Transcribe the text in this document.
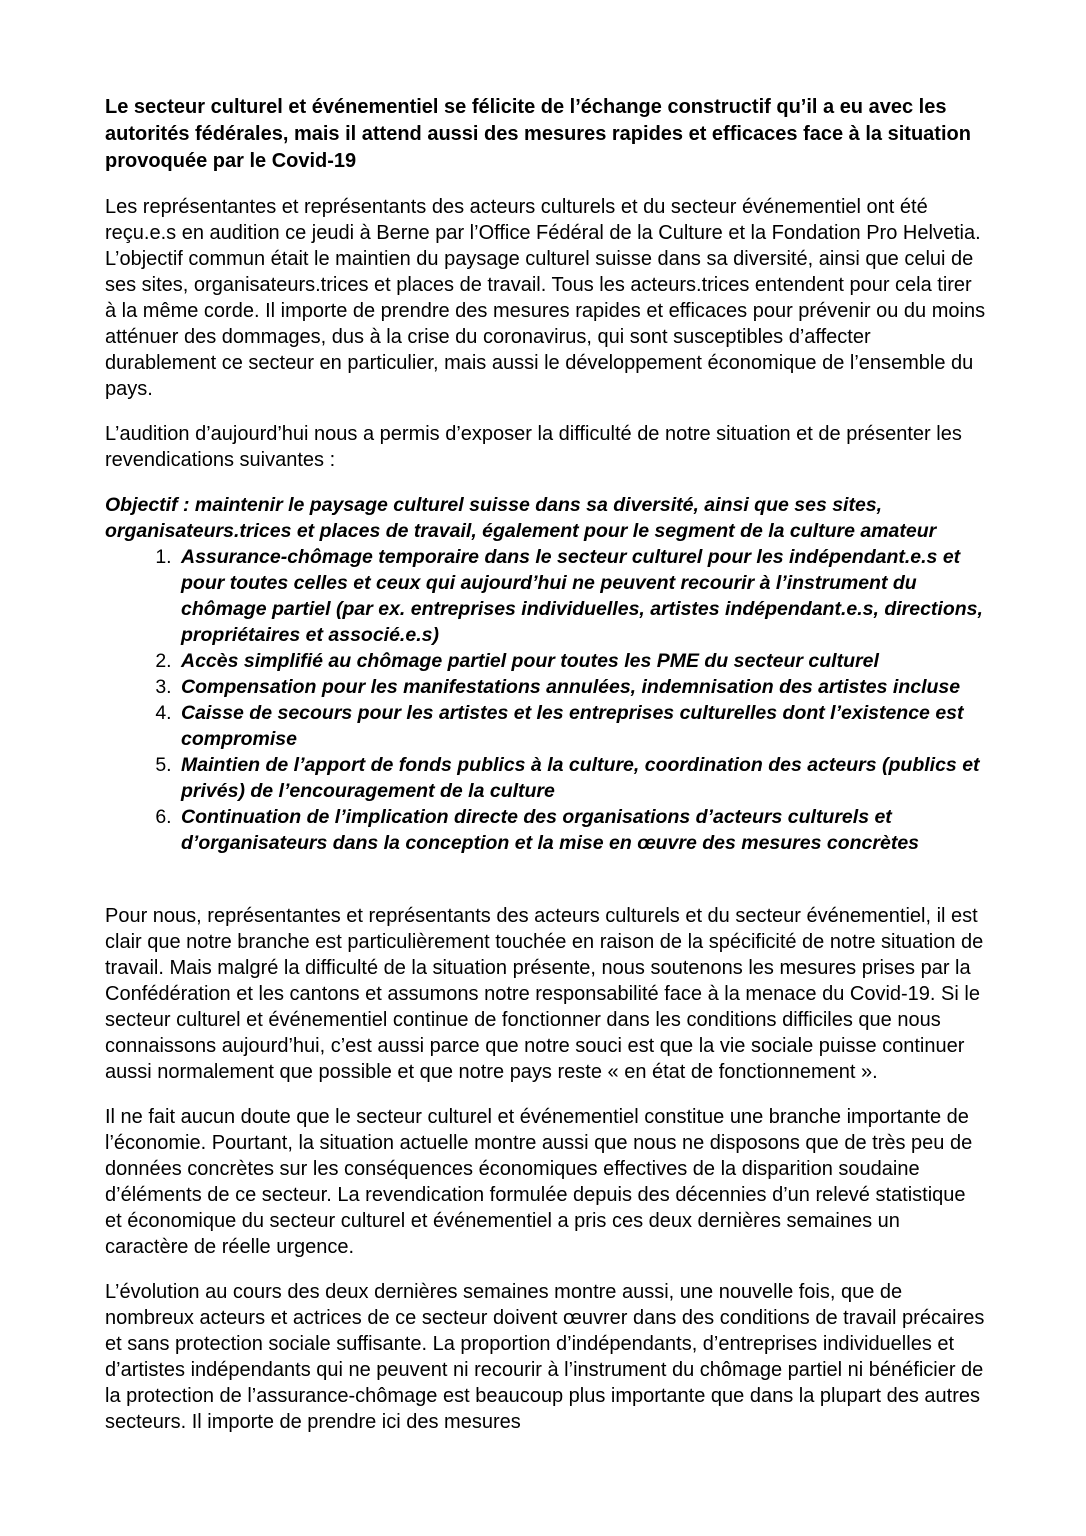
Le secteur culturel et événementiel se félicite de l’échange constructif qu’il a eu avec les autorités fédérales, mais il attend aussi des mesures rapides et efficaces face à la situation provoquée par le Covid-19

Les représentantes et représentants des acteurs culturels et du secteur événementiel ont été reçu.e.s en audition ce jeudi à Berne par l’Office Fédéral de la Culture et la Fondation Pro Helvetia. L’objectif commun était le maintien du paysage culturel suisse dans sa diversité, ainsi que celui de ses sites, organisateurs.trices et places de travail. Tous les acteurs.trices entendent pour cela tirer à la même corde. Il importe de prendre des mesures rapides et efficaces pour prévenir ou du moins atténuer des dommages, dus à la crise du coronavirus, qui sont susceptibles d’affecter durablement ce secteur en particulier, mais aussi le développement économique de l’ensemble du pays.

L’audition d’aujourd’hui nous a permis d’exposer la difficulté de notre situation et de présenter les revendications suivantes :

Objectif : maintenir le paysage culturel suisse dans sa diversité, ainsi que ses sites, organisateurs.trices et places de travail, également pour le segment de la culture amateur

1. Assurance-chômage temporaire dans le secteur culturel pour les indépendant.e.s et pour toutes celles et ceux qui aujourd’hui ne peuvent recourir à l’instrument du chômage partiel (par ex. entreprises individuelles, artistes indépendant.e.s, directions, propriétaires et associé.e.s)
2. Accès simplifié au chômage partiel pour toutes les PME du secteur culturel
3. Compensation pour les manifestations annulées, indemnisation des artistes incluse
4. Caisse de secours pour les artistes et les entreprises culturelles dont l’existence est compromise
5. Maintien de l’apport de fonds publics à la culture, coordination des acteurs (publics et privés) de l’encouragement de la culture
6. Continuation de l’implication directe des organisations d’acteurs culturels et d’organisateurs dans la conception et la mise en œuvre des mesures concrètes

Pour nous, représentantes et représentants des acteurs culturels et du secteur événementiel, il est clair que notre branche est particulièrement touchée en raison de la spécificité de notre situation de travail. Mais malgré la difficulté de la situation présente, nous soutenons les mesures prises par la Confédération et les cantons et assumons notre responsabilité face à la menace du Covid-19. Si le secteur culturel et événementiel continue de fonctionner dans les conditions difficiles que nous connaissons aujourd’hui, c’est aussi parce que notre souci est que la vie sociale puisse continuer aussi normalement que possible et que notre pays reste « en état de fonctionnement ».

Il ne fait aucun doute que le secteur culturel et événementiel constitue une branche importante de l’économie. Pourtant, la situation actuelle montre aussi que nous ne disposons que de très peu de données concrètes sur les conséquences économiques effectives de la disparition soudaine d’éléments de ce secteur. La revendication formulée depuis des décennies d’un relevé statistique et économique du secteur culturel et événementiel a pris ces deux dernières semaines un caractère de réelle urgence.

L’évolution au cours des deux dernières semaines montre aussi, une nouvelle fois, que de nombreux acteurs et actrices de ce secteur doivent œuvrer dans des conditions de travail précaires et sans protection sociale suffisante. La proportion d’indépendants, d’entreprises individuelles et d’artistes indépendants qui ne peuvent ni recourir à l’instrument du chômage partiel ni bénéficier de la protection de l’assurance-chômage est beaucoup plus importante que dans la plupart des autres secteurs. Il importe de prendre ici des mesures
